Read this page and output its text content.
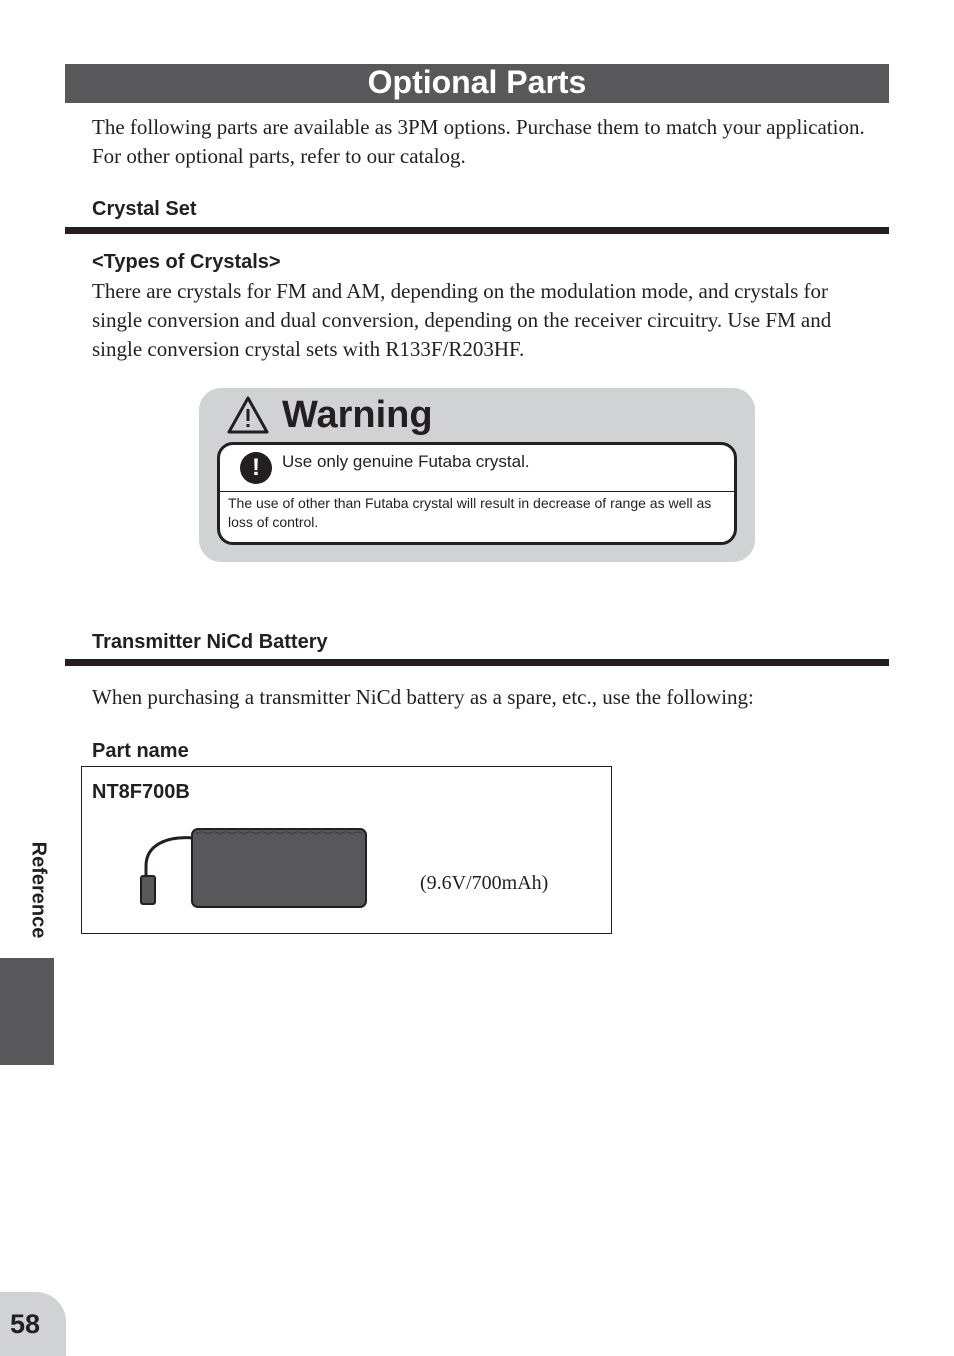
Optional Parts
The following parts are available as 3PM options. Purchase them to match your application. For other optional parts, refer to our catalog.
Crystal Set
<Types of Crystals>
There are crystals for FM and AM, depending on the modulation mode, and crystals for single conversion and dual conversion, depending on the receiver circuitry. Use FM and single conversion crystal sets with R133F/R203HF.
Warning
!	Use only genuine Futaba crystal.
The use of other than Futaba crystal will result in decrease of range as well as loss of control.
Transmitter NiCd Battery
When purchasing a transmitter NiCd battery as a spare, etc., use the following:
Part name
NT8F700B
(9.6V/700mAh)
Reference
58
